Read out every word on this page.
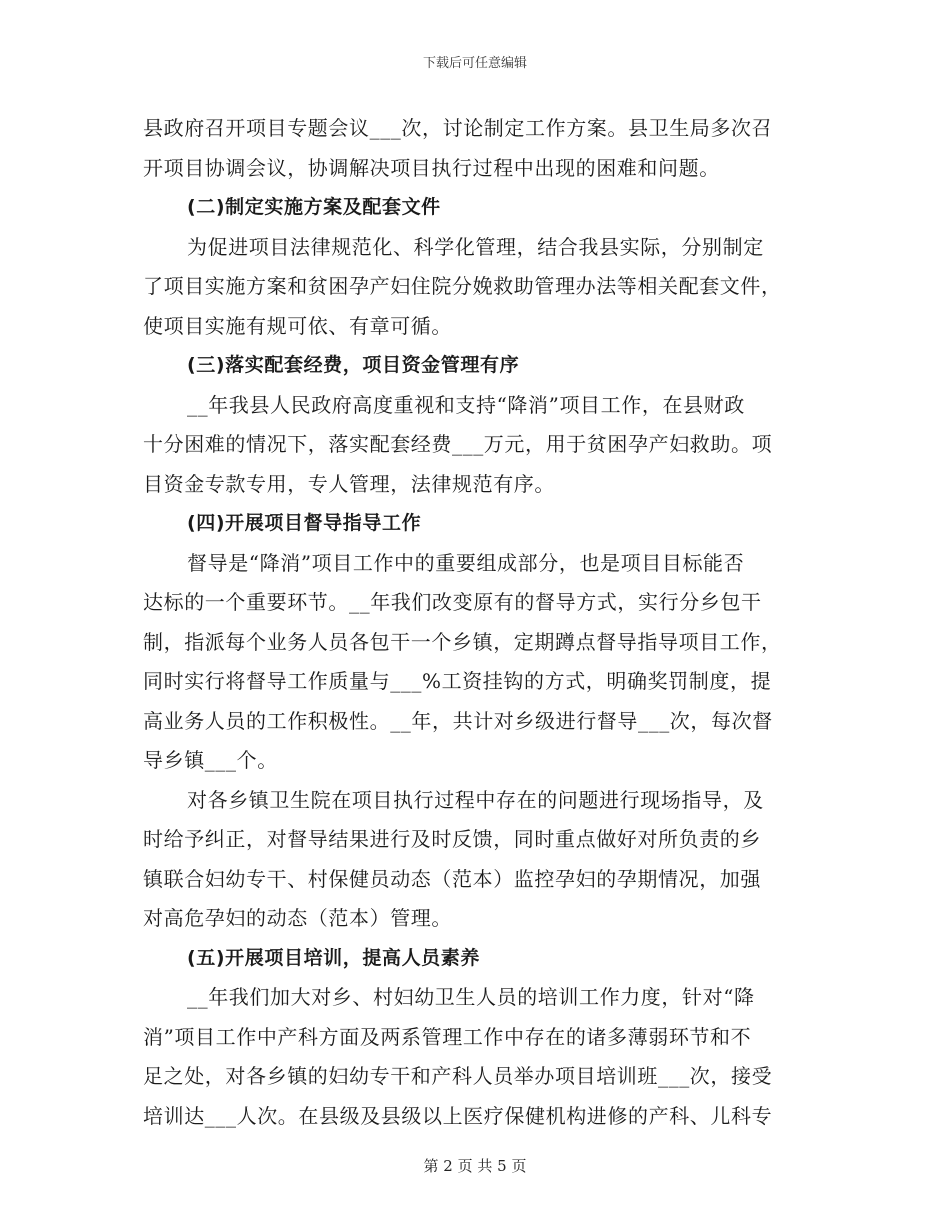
下载后可任意编辑
县政府召开项目专题会议___次，讨论制定工作方案。县卫生局多次召
开项目协调会议，协调解决项目执行过程中出现的困难和问题。
(二)制定实施方案及配套文件
为促进项目法律规范化、科学化管理，结合我县实际，分别制定
了项目实施方案和贫困孕产妇住院分娩救助管理办法等相关配套文件，
使项目实施有规可依、有章可循。
(三)落实配套经费，项目资金管理有序
__年我县人民政府高度重视和支持“降消”项目工作，在县财政
十分困难的情况下，落实配套经费___万元，用于贫困孕产妇救助。项
目资金专款专用，专人管理，法律规范有序。
(四)开展项目督导指导工作
督导是“降消”项目工作中的重要组成部分，也是项目目标能否
达标的一个重要环节。__年我们改变原有的督导方式，实行分乡包干
制，指派每个业务人员各包干一个乡镇，定期蹲点督导指导项目工作，
同时实行将督导工作质量与___%工资挂钩的方式，明确奖罚制度，提
高业务人员的工作积极性。__年，共计对乡级进行督导___次，每次督
导乡镇___个。
对各乡镇卫生院在项目执行过程中存在的问题进行现场指导，及
时给予纠正，对督导结果进行及时反馈，同时重点做好对所负责的乡
镇联合妇幼专干、村保健员动态（范本）监控孕妇的孕期情况，加强
对高危孕妇的动态（范本）管理。
(五)开展项目培训，提高人员素养
__年我们加大对乡、村妇幼卫生人员的培训工作力度，针对“降
消”项目工作中产科方面及两系管理工作中存在的诸多薄弱环节和不
足之处，对各乡镇的妇幼专干和产科人员举办项目培训班___次，接受
培训达___人次。在县级及县级以上医疗保健机构进修的产科、儿科专
第 2 页 共 5 页
